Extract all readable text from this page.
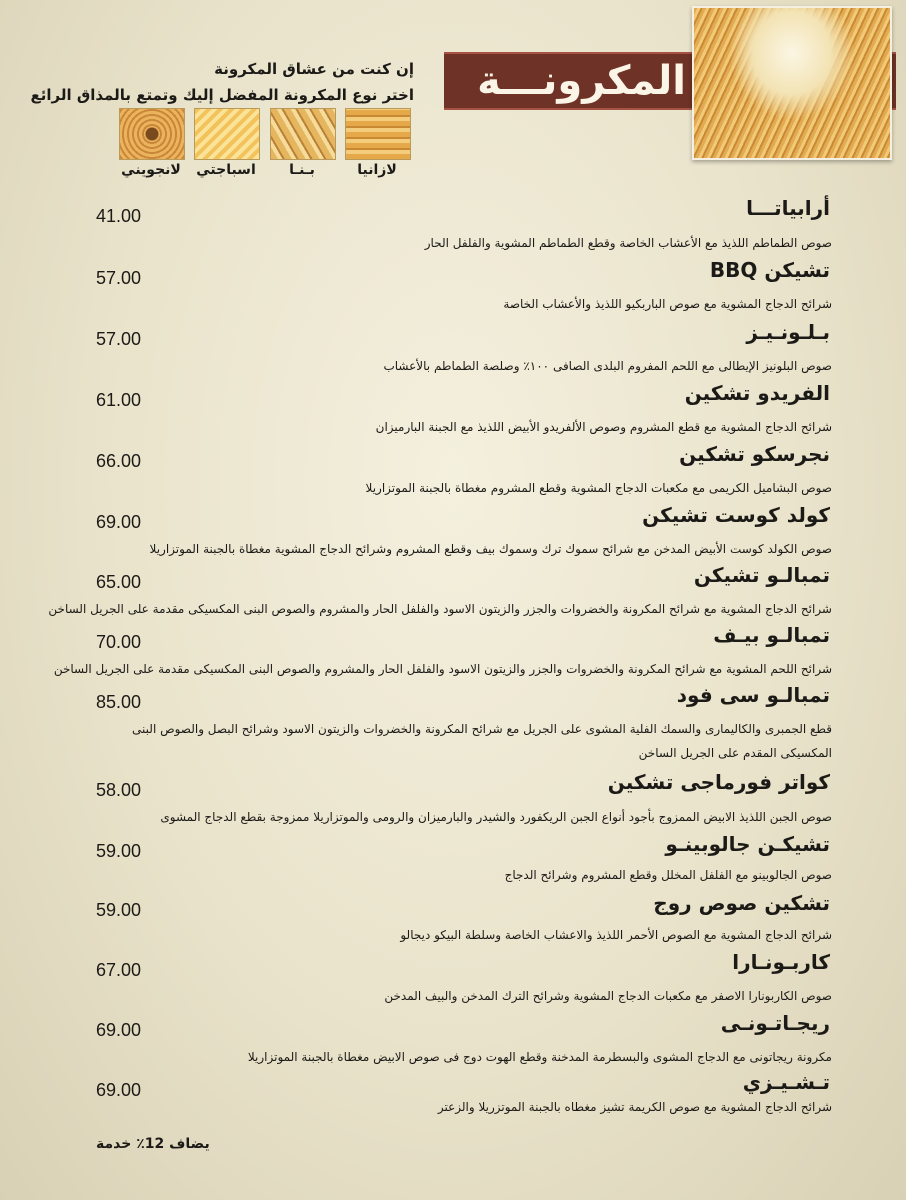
المكرونـــة
إن كنت من عشاق المكرونة
اختر نوع المكرونة المفضل إليك وتمتع بالمذاق الرائع
لازانيا
بـنـا
اسباجتي
لانجويني
أرابياتـــا
41.00
صوص الطماطم اللذيذ مع الأعشاب الخاصة وقطع الطماطم المشوية والفلفل الحار
تشيكن BBQ
57.00
شرائح الدجاج المشوية مع صوص الباربكيو اللذيذ والأعشاب الخاصة
بـلـونـيـز
57.00
صوص البلونيز الإيطالى مع اللحم المفروم البلدى الصافى ١٠٠٪ وصلصة الطماطم بالأعشاب
الفريدو تشكين
61.00
شرائح الدجاج المشوية مع قطع المشروم وصوص الألفريدو الأبيض اللذيذ مع الجبنة البارميزان
نجرسكو تشكين
66.00
صوص البشاميل الكريمى مع مكعبات الدجاج المشوية وقطع المشروم مغطاة بالجبنة الموتزاريلا
كولد كوست تشيكن
69.00
صوص الكولد كوست الأبيض المدخن مع شرائح سموك ترك وسموك بيف وقطع المشروم وشرائح الدجاج المشوية مغطاة بالجبنة الموتزاريلا
تمبالـو تشيكن
65.00
شرائح الدجاج المشوية مع شرائح المكرونة والخضروات والجزر والزيتون الاسود والفلفل الحار والمشروم والصوص البنى المكسيكى مقدمة على الجريل الساخن
تمبالـو بيـف
70.00
شرائح اللحم المشوية مع شرائح المكرونة والخضروات والجزر والزيتون الاسود والفلفل الحار والمشروم والصوص البنى المكسيكى مقدمة على الجريل الساخن
تمبالـو سى فود
85.00
قطع الجمبرى والكاليمارى والسمك الفلية المشوى على الجريل مع شرائح المكرونة والخضروات والزيتون الاسود وشرائح البصل والصوص البنى
المكسيكى المقدم على الجريل الساخن
كواتر فورماجى تشكين
58.00
صوص الجبن اللذيذ الابيض الممزوج بأجود أنواع الجبن الريكفورد والشيدر والبارميزان والرومى والموتزاريلا ممزوجة بقطع الدجاج المشوى
تشيكـن جالوبينـو
59.00
صوص الجالوبينو مع الفلفل المخلل وقطع المشروم وشرائح الدجاج
تشكين صوص روج
59.00
شرائح الدجاج المشوية مع الصوص الأحمر اللذيذ والاعشاب الخاصة وسلطة البيكو ديجالو
كاربـونـارا
67.00
صوص الكاربونارا الاصفر مع مكعبات الدجاج المشوية وشرائح الترك المدخن والبيف المدخن
ريجـاتـونـى
69.00
مكرونة ريجاتونى مع الدجاج المشوى والبسطرمة المدخنة وقطع الهوت دوج فى صوص الابيض مغطاة بالجبنة الموتزاريلا
تـشـيـزي
69.00
شرائح الدجاج المشوية مع صوص الكريمة تشيز مغطاه بالجبنة الموتزريلا والزعتر
يضاف 12٪ خدمة
